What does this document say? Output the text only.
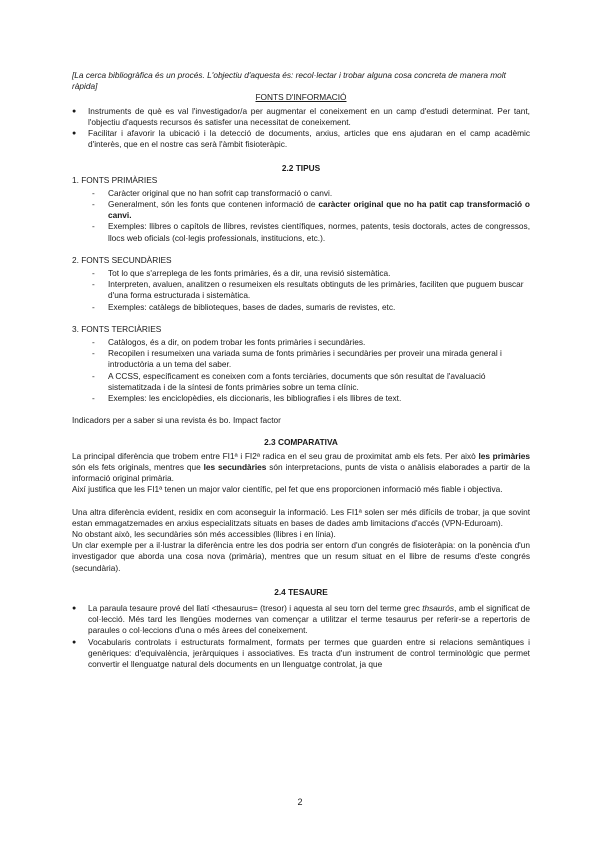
[La cerca bibliogràfica és un procés. L'objectiu d'aquesta és: recol·lectar i trobar alguna cosa concreta de manera molt ràpida]

FONTS D'INFORMACIÓ

● Instruments de què es val l'investigador/a per augmentar el coneixement en un camp d'estudi determinat. Per tant, l'objectiu d'aquests recursos és satisfer una necessitat de coneixement.
● Facilitar i afavorir la ubicació i la detecció de documents, arxius, articles que ens ajudaran en el camp acadèmic d'interès, que en el nostre cas serà l'àmbit fisioteràpic.

2.2 TIPUS

1. FONTS PRIMÀRIES

- Caràcter original que no han sofrit cap transformació o canvi.
- Generalment, són les fonts que contenen informació de caràcter original que no ha patit cap transformació o canvi.
- Exemples: llibres o capítols de llibres, revistes científiques, normes, patents, tesis doctorals, actes de congressos, llocs web oficials (col·legis professionals, institucions, etc.).

2. FONTS SECUNDÀRIES

- Tot lo que s'arreplega de les fonts primàries, és a dir, una revisió sistemàtica.
- Interpreten, avaluen, analitzen o resumeixen els resultats obtinguts de les primàries, faciliten que puguem buscar d'una forma estructurada i sistemàtica.
- Exemples: catàlegs de biblioteques, bases de dades, sumaris de revistes, etc.

3. FONTS TERCIÀRIES

- Catàlogos, és a dir, on podem trobar les fonts primàries i secundàries.
- Recopilen i resumeixen una variada suma de fonts primàries i secundàries per proveir una mirada general i introductòria a un tema del saber.
- A CCSS, específicament es coneixen com a fonts terciàries, documents que són resultat de l'avaluació sistematitzada i de la síntesi de fonts primàries sobre un tema clínic.
- Exemples: les enciclopèdies, els diccionaris, les bibliografies i els llibres de text.

Indicadors per a saber si una revista és bo. Impact factor

2.3 COMPARATIVA

La principal diferència que trobem entre FI1ª i FI2ª radica en el seu grau de proximitat amb els fets. Per això les primàries són els fets originals, mentres que les secundàries són interpretacions, punts de vista o anàlisis elaborades a partir de la informació original primària.

Així justifica que les FI1ª tenen un major valor científic, pel fet que ens proporcionen informació més fiable i objectiva.

Una altra diferència evident, residix en com aconseguir la informació. Les FI1ª solen ser més difícils de trobar, ja que sovint estan emmagatzemades en arxius especialitzats situats en bases de dades amb limitacions d'accés (VPN-Eduroam).

No obstant això, les secundàries són més accessibles (llibres i en línia).

Un clar exemple per a il·lustrar la diferència entre les dos podria ser entorn d'un congrés de fisioteràpia: on la ponència d'un investigador que aborda una cosa nova (primària), mentres que un resum situat en el llibre de resums d'este congrés (secundària).

2.4 TESAURE

● La paraula tesaure prové del llatí <thesaurus= (tresor) i aquesta al seu torn del terme grec thsaurós, amb el significat de col·lecció. Més tard les llengües modernes van començar a utilitzar el terme tesaurus per referir-se a repertoris de paraules o col·leccions d'una o més àrees del coneixement.
● Vocabularis controlats i estructurats formalment, formats per termes que guarden entre si relacions semàntiques i genèriques: d'equivalència, jeràrquiques i associatives. Es tracta d'un instrument de control terminològic que permet convertir el llenguatge natural dels documents en un llenguatge controlat, ja que
2
